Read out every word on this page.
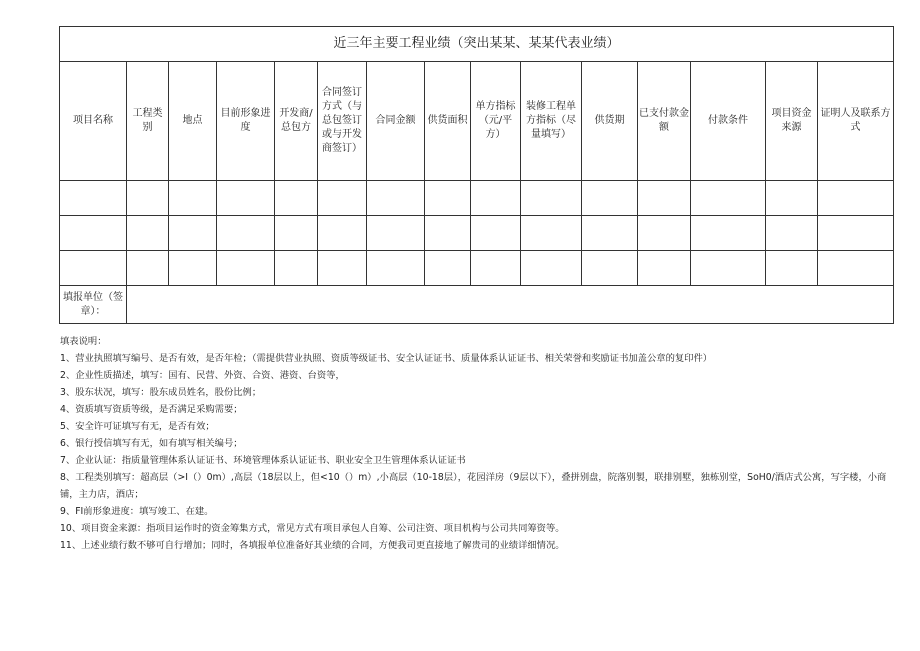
近三年主要工程业绩（突出某某、某某代表业绩）														
项目名称	工程类别	地点	目前形象进度	开发商/总包方	合同签订方式（与总包签订或与开发商签订）	合同金额	供货面积	单方指标（元/平方）	装修工程单方指标（尽量填写）	供货期	已支付款金额	付款条件	项目资金来源	证明人及联系方式

填报单位（签章）：														
填表说明：
1、营业执照填写编号、是否有效，是否年检；（需提供营业执照、资质等级证书、安全认证证书、质量体系认证证书、相关荣誉和奖励证书加盖公章的复印件）
2、企业性质描述，填写：国有、民营、外资、合资、港资、台资等，
3、股东状况，填写：股东成员姓名，股份比例；
4、资质填写资质等级，是否满足采购需要；
5、安全许可证填写有无，是否有效；
6、银行授信填写有无，如有填写相关编号；
7、企业认证：指质量管理体系认证证书、环境管理体系认证证书、职业安全卫生管理体系认证证书
8、工程类别填写：超高层（>I（）0m）,高层（18层以上，但<10（）m）,小高层（10-18层），花园洋房（9层以下），叠拼别盘，院落别製，联排别墅，独栋别堂，SoH0/酒店式公寓，写字楼，小商铺，主力店，酒店；
9、FI前形象进度：填写竣工、在建。
10、项目资金来源：指项目运作时的资金筹集方式，常见方式有项目承包人自筹、公司注资、项目机构与公司共同筹资等。
11、上述业绩行数不够可自行增加；同时，各填报单位准备好其业绩的合同，方便我司更直接地了解贵司的业绩详细情况。
